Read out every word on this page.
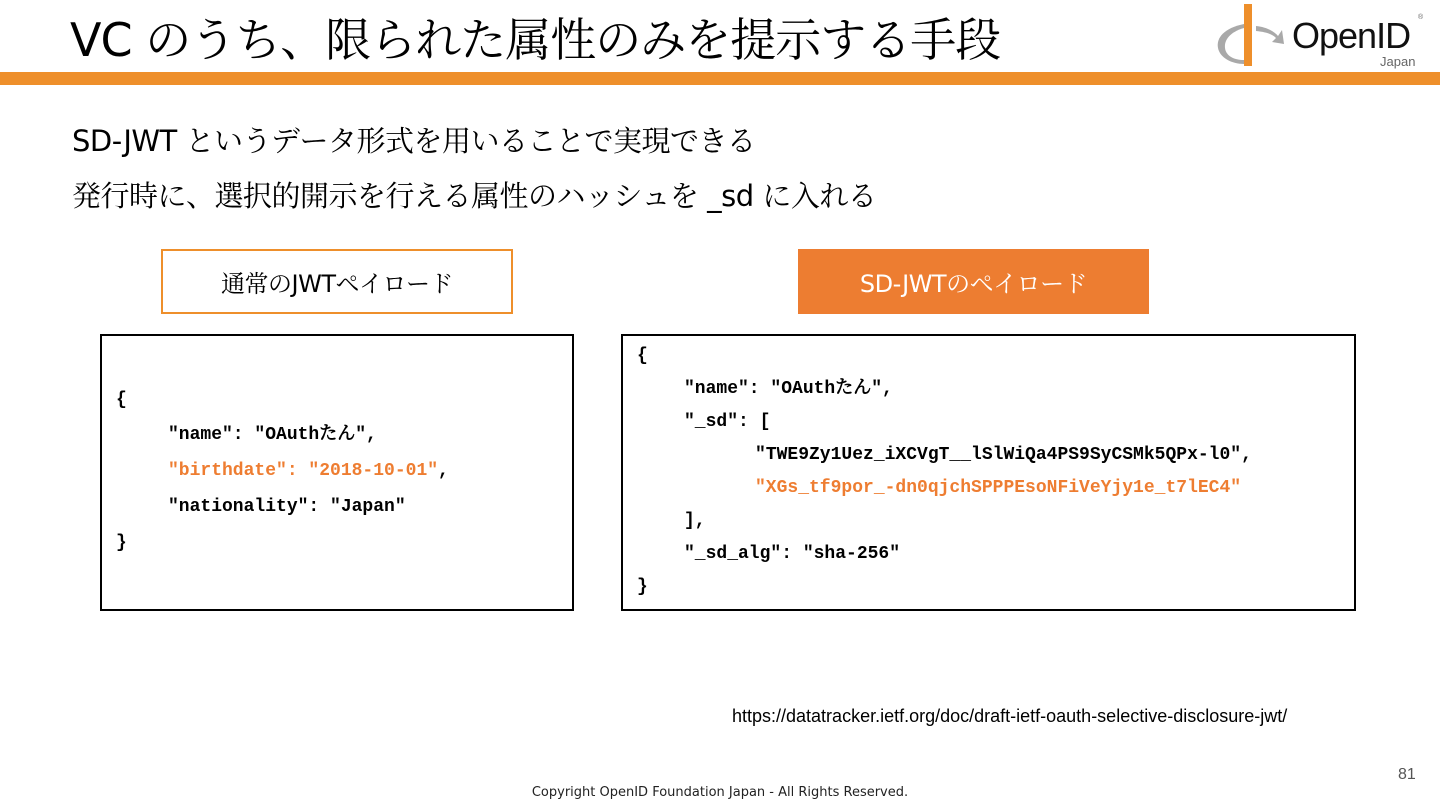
VC のうち、限られた属性のみを提示する手段	OpenID ®
Japan
SD-JWT というデータ形式を用いることで実現できる
発行時に、選択的開示を行える属性のハッシュを _sd に入れる
通常のJWTペイロード	SD-JWTのペイロード

{

"name": "OAuthたん",

"birthdate": "2018-10-01",

"nationality": "Japan"

}

{

"name": "OAuthたん",

"_sd": [

"TWE9Zy1Uez_iXCVgT__lSlWiQa4PS9SyCSMk5QPx-l0",

"XGs_tf9por_-dn0qjchSPPPEsoNFiVeYjy1e_t7lEC4"

],

"_sd_alg": "sha-256"

}

https://datatracker.ietf.org/doc/draft-ietf-oauth-selective-disclosure-jwt/
81
Copyright OpenID Foundation Japan - All Rights Reserved.
